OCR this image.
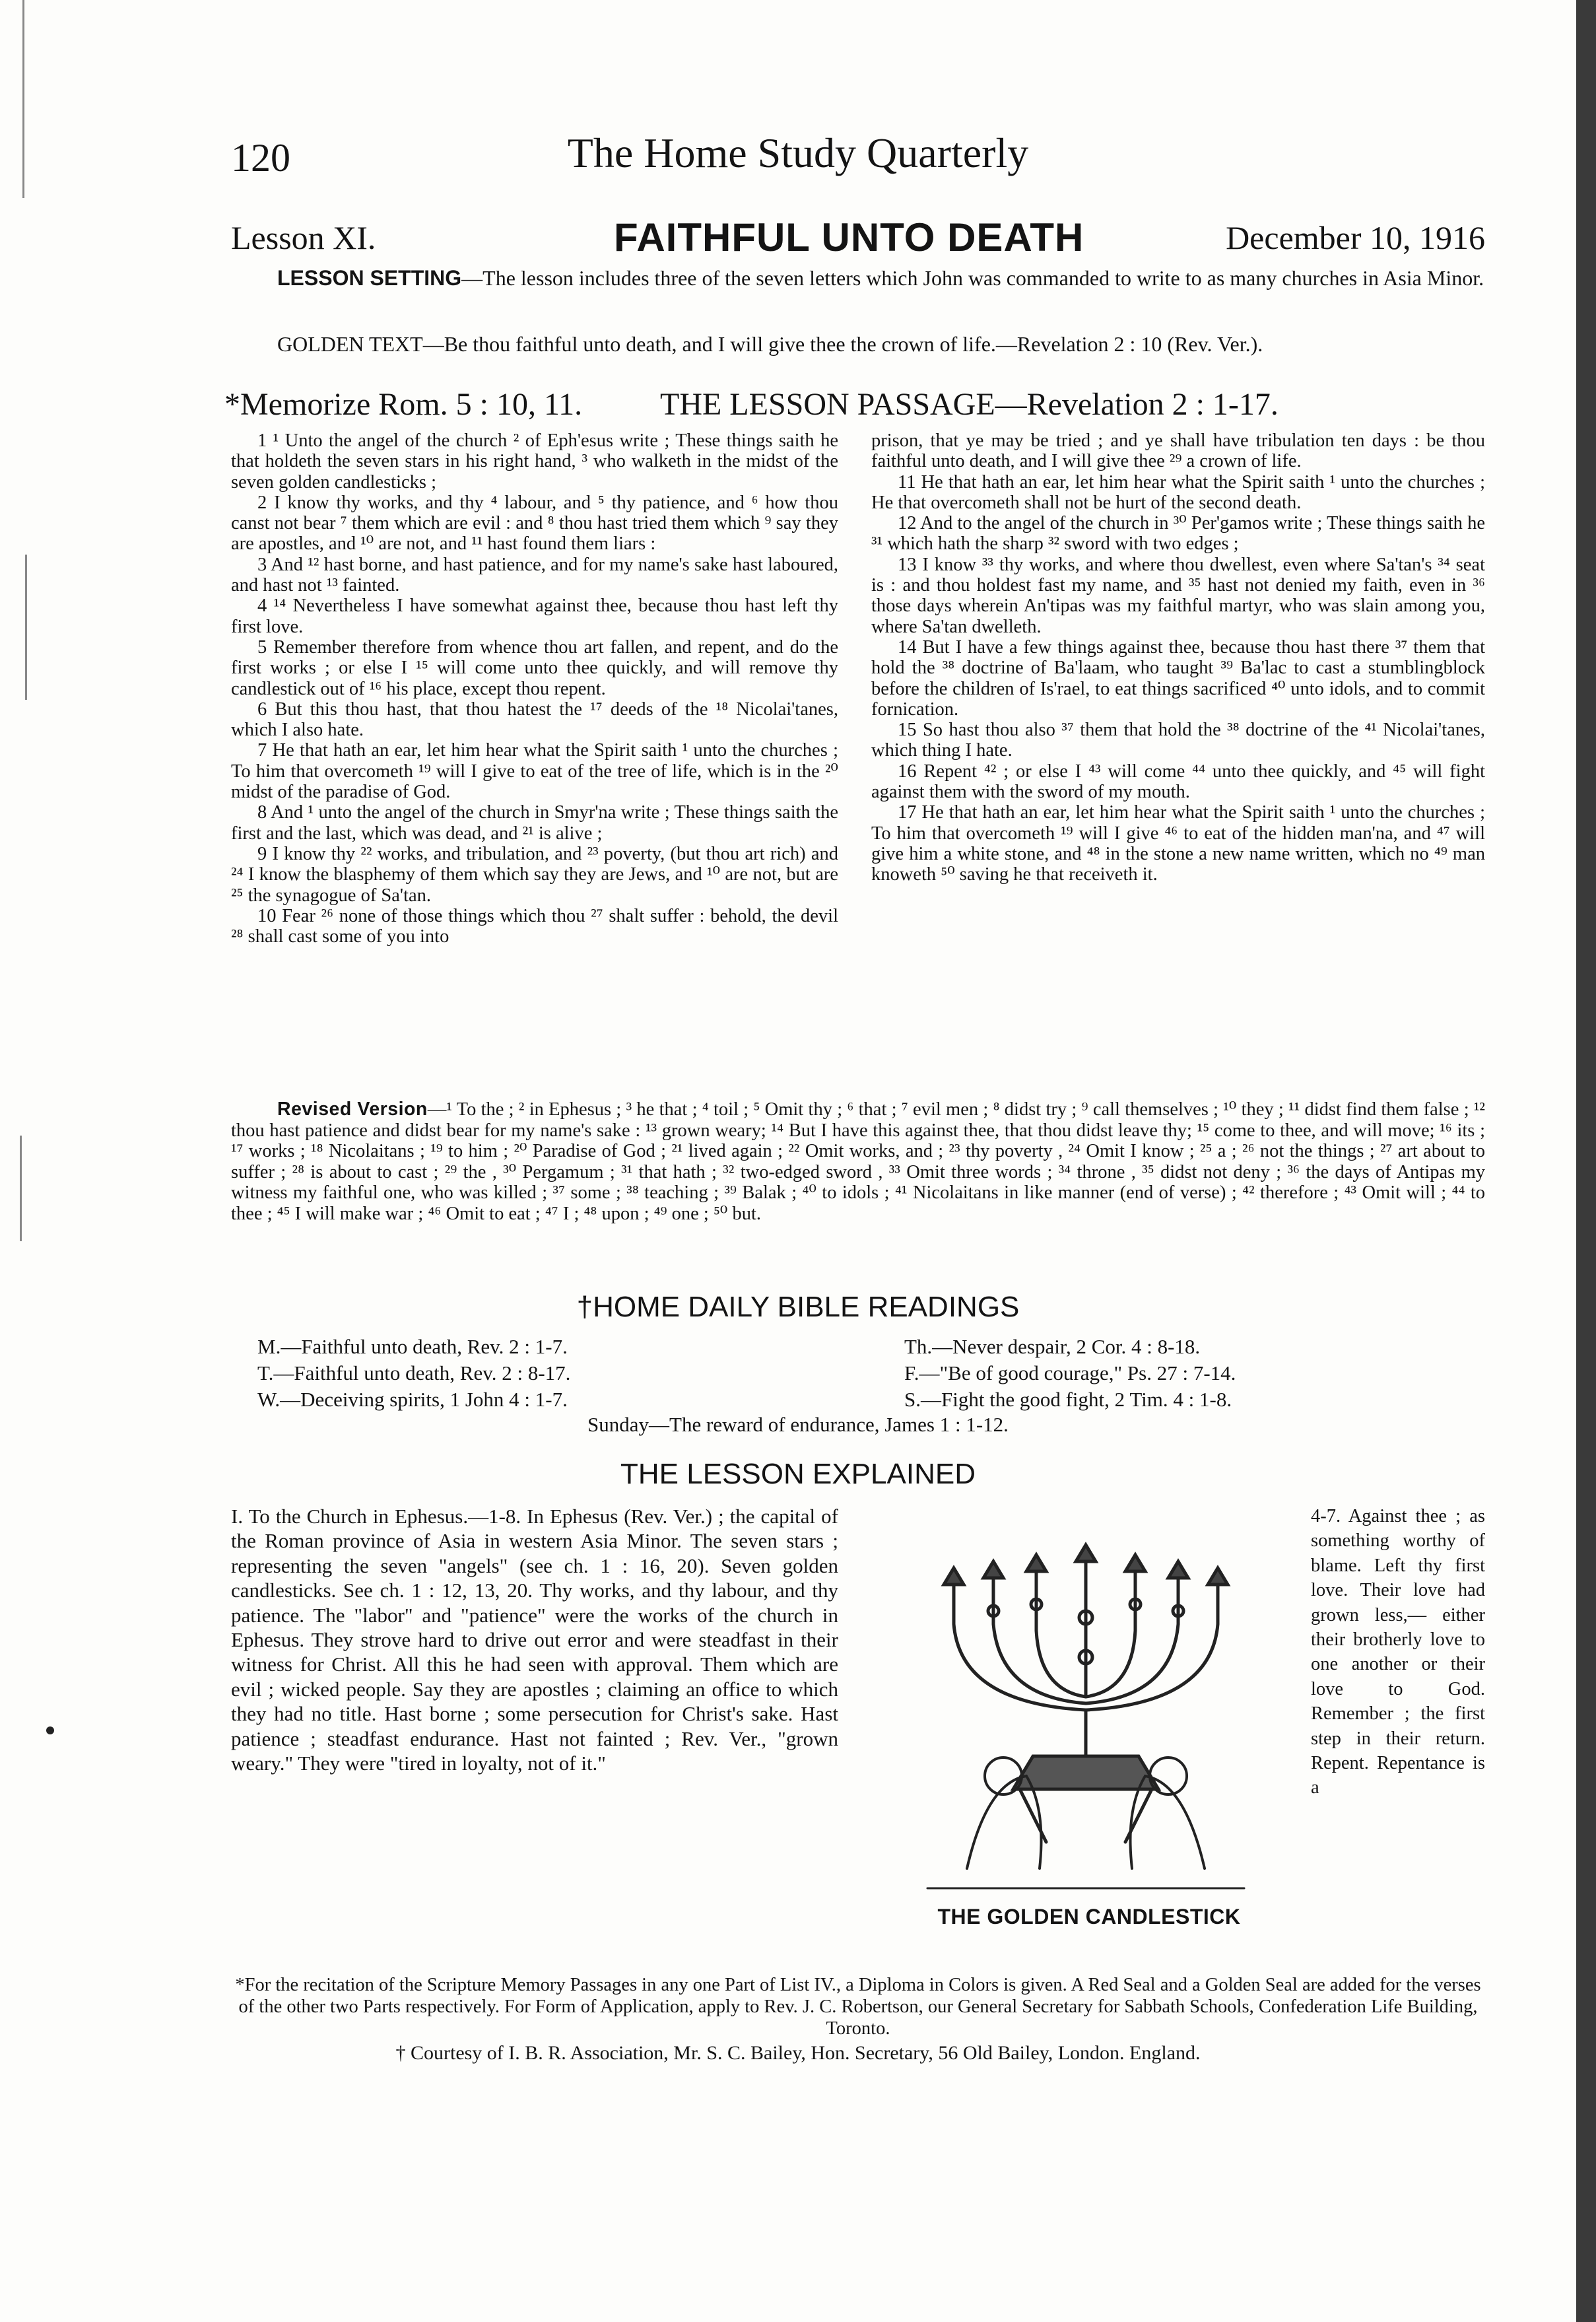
120	The Home Study Quarterly
Lesson XI.	FAITHFUL UNTO DEATH	December 10, 1916
LESSON SETTING—The lesson includes three of the seven letters which John was commanded to write to as many churches in Asia Minor.
GOLDEN TEXT—Be thou faithful unto death, and I will give thee the crown of life.—Revelation 2 : 10 (Rev. Ver.).
*Memorize Rom. 5 : 10, 11. THE LESSON PASSAGE—Revelation 2 : 1-17.

1 ¹ Unto the angel of the church ² of Eph'esus write ; These things saith he that holdeth the seven stars in his right hand, ³ who walketh in the midst of the seven golden candlesticks ;

2 I know thy works, and thy ⁴ labour, and ⁵ thy patience, and ⁶ how thou canst not bear ⁷ them which are evil : and ⁸ thou hast tried them which ⁹ say they are apostles, and ¹⁰ are not, and ¹¹ hast found them liars :

3 And ¹² hast borne, and hast patience, and for my name's sake hast laboured, and hast not ¹³ fainted.

4 ¹⁴ Nevertheless I have somewhat against thee, because thou hast left thy first love.

5 Remember therefore from whence thou art fallen, and repent, and do the first works ; or else I ¹⁵ will come unto thee quickly, and will remove thy candlestick out of ¹⁶ his place, except thou repent.

6 But this thou hast, that thou hatest the ¹⁷ deeds of the ¹⁸ Nicolai'tanes, which I also hate.

7 He that hath an ear, let him hear what the Spirit saith ¹ unto the churches ; To him that overcometh ¹⁹ will I give to eat of the tree of life, which is in the ²⁰ midst of the paradise of God.

8 And ¹ unto the angel of the church in Smyr'na write ; These things saith the first and the last, which was dead, and ²¹ is alive ;

9 I know thy ²² works, and tribulation, and ²³ poverty, (but thou art rich) and ²⁴ I know the blasphemy of them which say they are Jews, and ¹⁰ are not, but are ²⁵ the synagogue of Sa'tan.

10 Fear ²⁶ none of those things which thou ²⁷ shalt suffer : behold, the devil ²⁸ shall cast some of you into

prison, that ye may be tried ; and ye shall have tribulation ten days : be thou faithful unto death, and I will give thee ²⁹ a crown of life.

11 He that hath an ear, let him hear what the Spirit saith ¹ unto the churches ; He that overcometh shall not be hurt of the second death.

12 And to the angel of the church in ³⁰ Per'gamos write ; These things saith he ³¹ which hath the sharp ³² sword with two edges ;

13 I know ³³ thy works, and where thou dwellest, even where Sa'tan's ³⁴ seat is : and thou holdest fast my name, and ³⁵ hast not denied my faith, even in ³⁶ those days wherein An'tipas was my faithful martyr, who was slain among you, where Sa'tan dwelleth.

14 But I have a few things against thee, because thou hast there ³⁷ them that hold the ³⁸ doctrine of Ba'laam, who taught ³⁹ Ba'lac to cast a stumblingblock before the children of Is'rael, to eat things sacrificed ⁴⁰ unto idols, and to commit fornication.

15 So hast thou also ³⁷ them that hold the ³⁸ doctrine of the ⁴¹ Nicolai'tanes, which thing I hate.

16 Repent ⁴² ; or else I ⁴³ will come ⁴⁴ unto thee quickly, and ⁴⁵ will fight against them with the sword of my mouth.

17 He that hath an ear, let him hear what the Spirit saith ¹ unto the churches ; To him that overcometh ¹⁹ will I give ⁴⁶ to eat of the hidden man'na, and ⁴⁷ will give him a white stone, and ⁴⁸ in the stone a new name written, which no ⁴⁹ man knoweth ⁵⁰ saving he that receiveth it.

Revised Version—¹ To the ; ² in Ephesus ; ³ he that ; ⁴ toil ; ⁵ Omit thy ; ⁶ that ; ⁷ evil men ; ⁸ didst try ; ⁹ call themselves ; ¹⁰ they ; ¹¹ didst find them false ; ¹² thou hast patience and didst bear for my name's sake : ¹³ grown weary; ¹⁴ But I have this against thee, that thou didst leave thy; ¹⁵ come to thee, and will move; ¹⁶ its ; ¹⁷ works ; ¹⁸ Nicolaitans ; ¹⁹ to him ; ²⁰ Paradise of God ; ²¹ lived again ; ²² Omit works, and ; ²³ thy poverty , ²⁴ Omit I know ; ²⁵ a ; ²⁶ not the things ; ²⁷ art about to suffer ; ²⁸ is about to cast ; ²⁹ the , ³⁰ Pergamum ; ³¹ that hath ; ³² two-edged sword , ³³ Omit three words ; ³⁴ throne , ³⁵ didst not deny ; ³⁶ the days of Antipas my witness my faithful one, who was killed ; ³⁷ some ; ³⁸ teaching ; ³⁹ Balak ; ⁴⁰ to idols ; ⁴¹ Nicolaitans in like manner (end of verse) ; ⁴² therefore ; ⁴³ Omit will ; ⁴⁴ to thee ; ⁴⁵ I will make war ; ⁴⁶ Omit to eat ; ⁴⁷ I ; ⁴⁸ upon ; ⁴⁹ one ; ⁵⁰ but.
†HOME DAILY BIBLE READINGS
M.—Faithful unto death, Rev. 2 : 1-7.
T.—Faithful unto death, Rev. 2 : 8-17.
W.—Deceiving spirits, 1 John 4 : 1-7.
Th.—Never despair, 2 Cor. 4 : 8-18.
F.—"Be of good courage," Ps. 27 : 7-14.
S.—Fight the good fight, 2 Tim. 4 : 1-8.
Sunday—The reward of endurance, James 1 : 1-12.
THE LESSON EXPLAINED
I. To the Church in Ephesus.—1-8. In Ephesus (Rev. Ver.) ; the capital of the Roman province of Asia in western Asia Minor. The seven stars ; representing the seven "angels" (see ch. 1 : 16, 20). Seven golden candlesticks. See ch. 1 : 12, 13, 20. Thy works, and thy labour, and thy patience. The "labor" and "patience" were the works of the church in Ephesus. They strove hard to drive out error and were steadfast in their witness for Christ. All this he had seen with approval. Them which are evil ; wicked people. Say they are apostles ; claiming an office to which they had no title. Hast borne ; some persecution for Christ's sake. Hast patience ; steadfast endurance. Hast not fainted ; Rev. Ver., "grown weary." They were "tired in loyalty, not of it."
4-7. Against thee ; as something worthy of blame. Left thy first love. Their love had grown less,— either their brotherly love to one another or their love to God. Remember ; the first step in their return. Repent. Repentance is a
THE GOLDEN CANDLESTICK
*For the recitation of the Scripture Memory Passages in any one Part of List IV., a Diploma in Colors is given. A Red Seal and a Golden Seal are added for the verses of the other two Parts respectively. For Form of Application, apply to Rev. J. C. Robertson, our General Secretary for Sabbath Schools, Confederation Life Building, Toronto.
† Courtesy of I. B. R. Association, Mr. S. C. Bailey, Hon. Secretary, 56 Old Bailey, London. England.
